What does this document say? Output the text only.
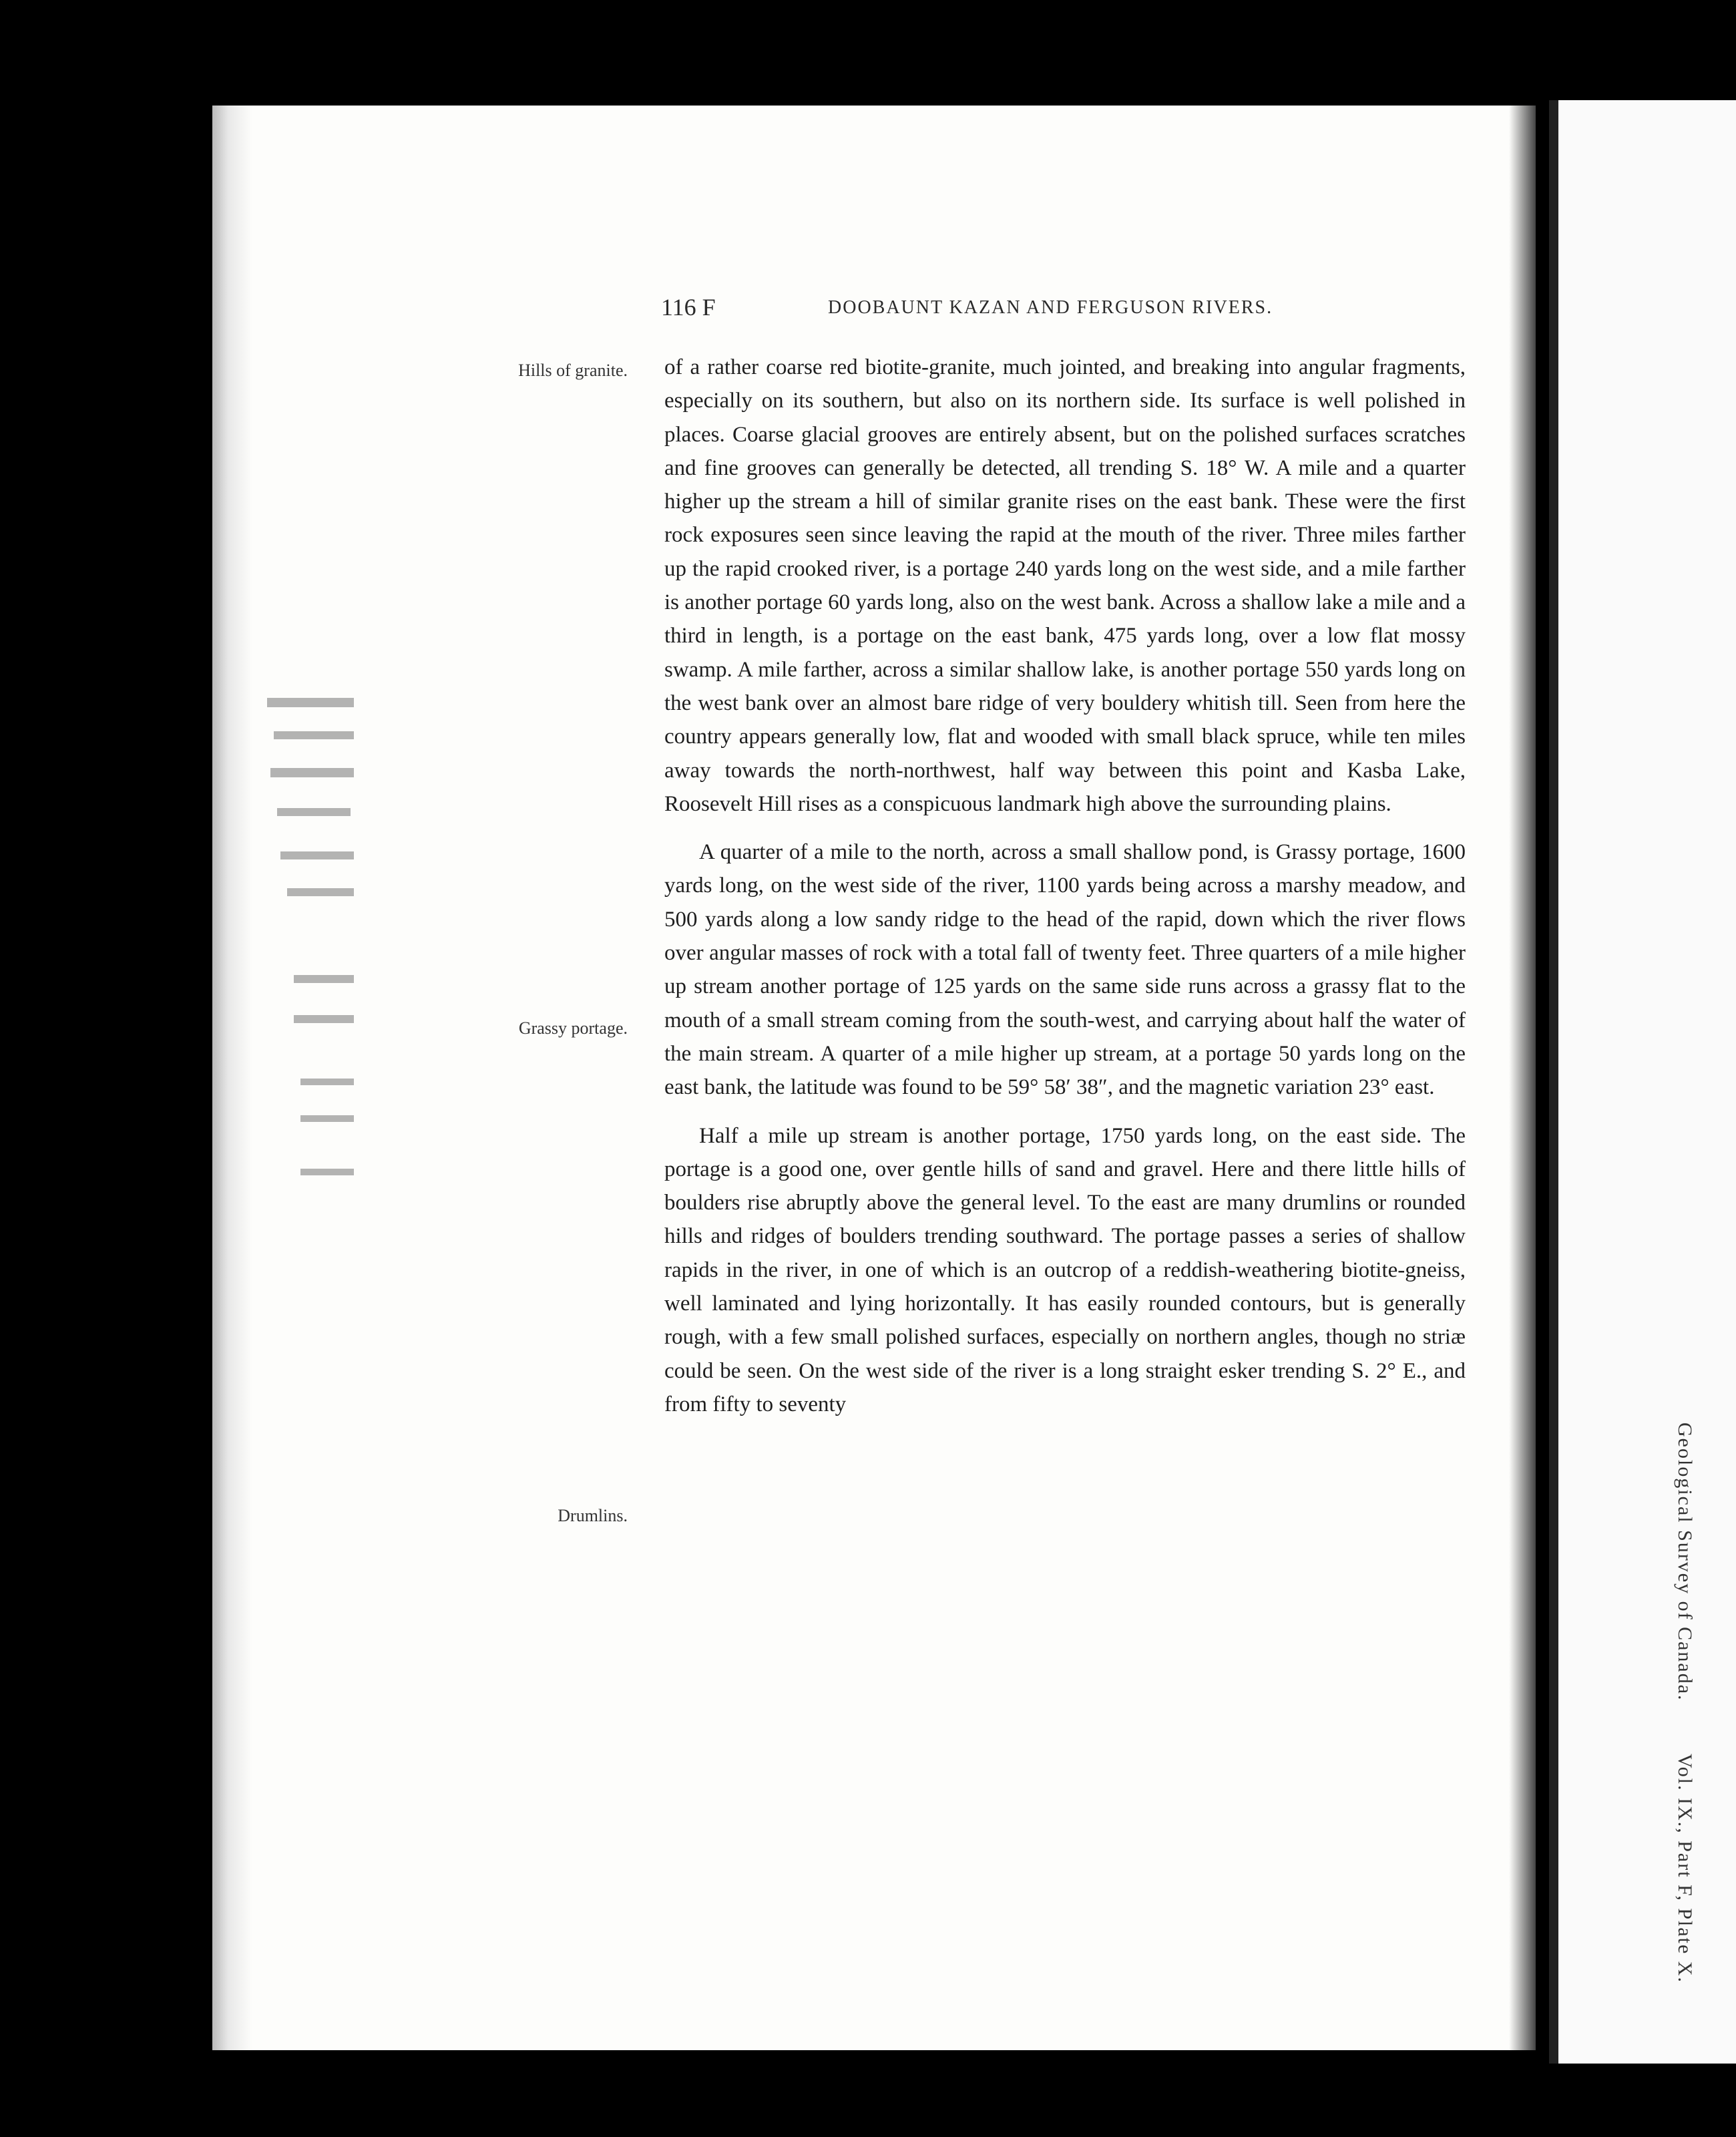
Geological Survey of Canada.
Vol. IX., Part F, Plate X.
116 F	DOOBAUNT KAZAN AND FERGUSON RIVERS.
Hills of granite.
Grassy portage.
Drumlins.

of a rather coarse red biotite-granite, much jointed, and breaking into angular fragments, especially on its southern, but also on its northern side. Its surface is well polished in places. Coarse glacial grooves are entirely absent, but on the polished surfaces scratches and fine grooves can generally be detected, all trending S. 18° W. A mile and a quarter higher up the stream a hill of similar granite rises on the east bank. These were the first rock exposures seen since leaving the rapid at the mouth of the river. Three miles farther up the rapid crooked river, is a portage 240 yards long on the west side, and a mile farther is another portage 60 yards long, also on the west bank. Across a shallow lake a mile and a third in length, is a portage on the east bank, 475 yards long, over a low flat mossy swamp. A mile farther, across a similar shallow lake, is another portage 550 yards long on the west bank over an almost bare ridge of very bouldery whitish till. Seen from here the country appears generally low, flat and wooded with small black spruce, while ten miles away towards the north-northwest, half way between this point and Kasba Lake, Roosevelt Hill rises as a conspicuous landmark high above the surrounding plains.

A quarter of a mile to the north, across a small shallow pond, is Grassy portage, 1600 yards long, on the west side of the river, 1100 yards being across a marshy meadow, and 500 yards along a low sandy ridge to the head of the rapid, down which the river flows over angular masses of rock with a total fall of twenty feet. Three quarters of a mile higher up stream another portage of 125 yards on the same side runs across a grassy flat to the mouth of a small stream coming from the south-west, and carrying about half the water of the main stream. A quarter of a mile higher up stream, at a portage 50 yards long on the east bank, the latitude was found to be 59° 58′ 38″, and the magnetic variation 23° east.

Half a mile up stream is another portage, 1750 yards long, on the east side. The portage is a good one, over gentle hills of sand and gravel. Here and there little hills of boulders rise abruptly above the general level. To the east are many drumlins or rounded hills and ridges of boulders trending southward. The portage passes a series of shallow rapids in the river, in one of which is an outcrop of a reddish-weathering biotite-gneiss, well laminated and lying horizontally. It has easily rounded contours, but is generally rough, with a few small polished surfaces, especially on northern angles, though no striæ could be seen. On the west side of the river is a long straight esker trending S. 2° E., and from fifty to seventy
